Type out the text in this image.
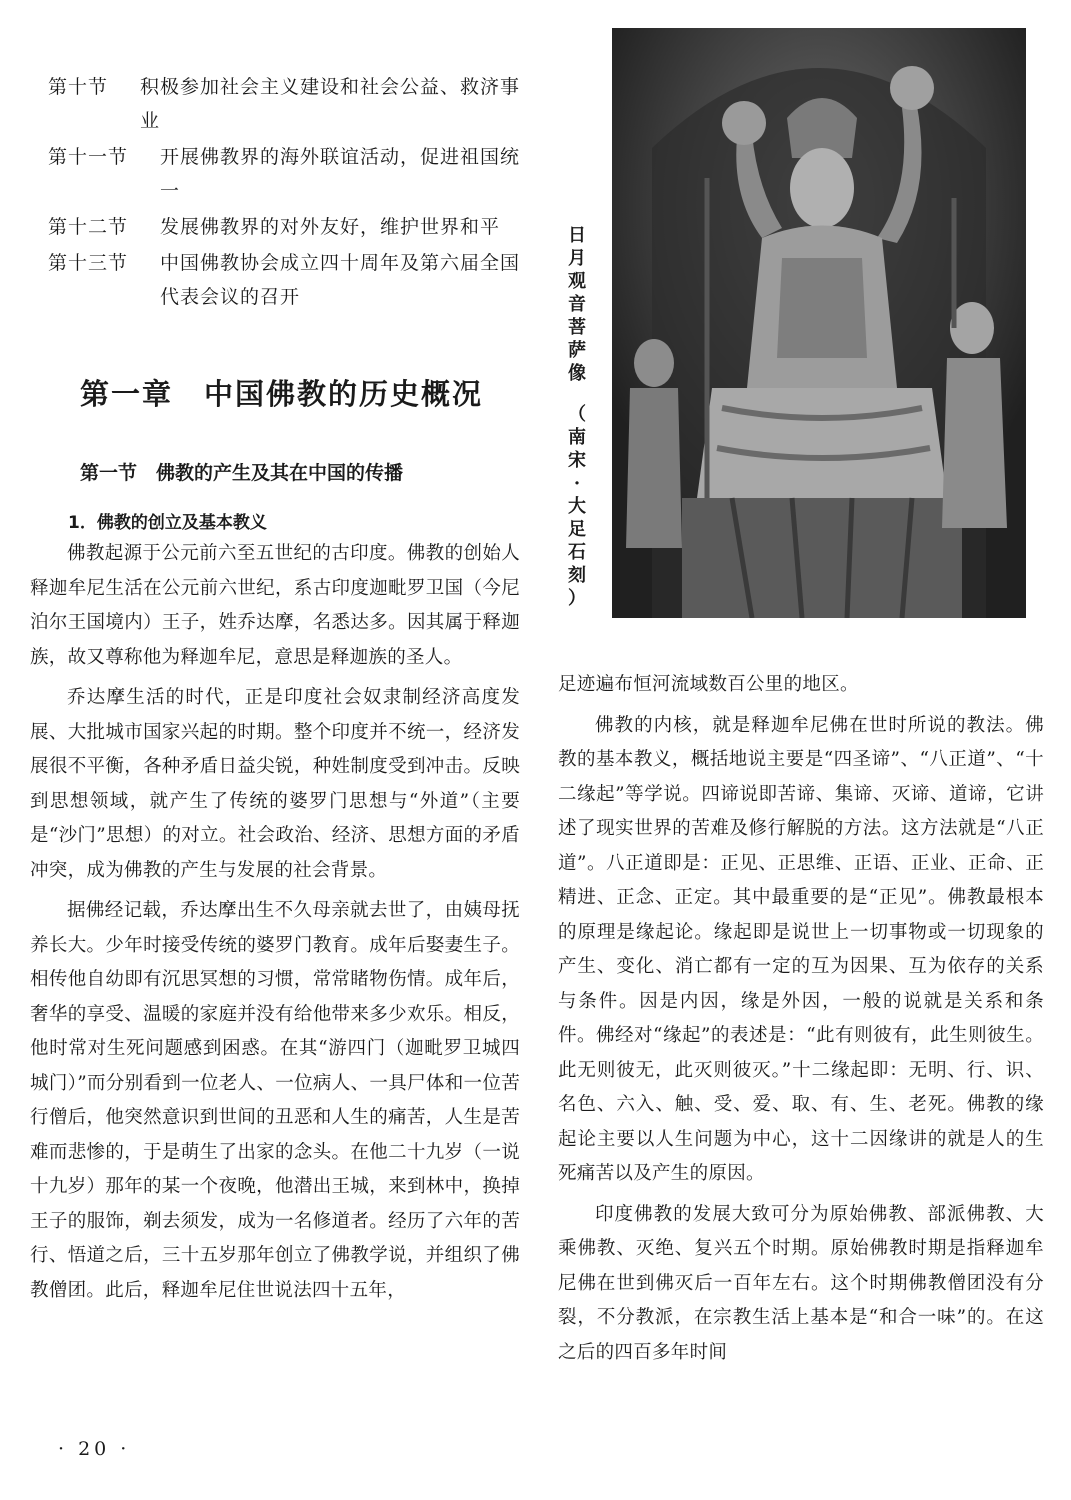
第十节	积极参加社会主义建设和社会公益、救济事业
第十一节	开展佛教界的海外联谊活动，促进祖国统一
第十二节	发展佛教界的对外友好，维护世界和平
第十三节	中国佛教协会成立四十周年及第六届全国代表会议的召开
第一章　中国佛教的历史概况
第一节　佛教的产生及其在中国的传播
1．佛教的创立及基本教义

佛教起源于公元前六至五世纪的古印度。佛教的创始人释迦牟尼生活在公元前六世纪，系古印度迦毗罗卫国（今尼泊尔王国境内）王子，姓乔达摩，名悉达多。因其属于释迦族，故又尊称他为释迦牟尼，意思是释迦族的圣人。

乔达摩生活的时代，正是印度社会奴隶制经济高度发展、大批城市国家兴起的时期。整个印度并不统一，经济发展很不平衡，各种矛盾日益尖锐，种姓制度受到冲击。反映到思想领域，就产生了传统的婆罗门思想与“外道”（主要是“沙门”思想）的对立。社会政治、经济、思想方面的矛盾冲突，成为佛教的产生与发展的社会背景。

据佛经记载，乔达摩出生不久母亲就去世了，由姨母抚养长大。少年时接受传统的婆罗门教育。成年后娶妻生子。相传他自幼即有沉思冥想的习惯，常常睹物伤情。成年后，奢华的享受、温暖的家庭并没有给他带来多少欢乐。相反，他时常对生死问题感到困惑。在其“游四门（迦毗罗卫城四城门）”而分别看到一位老人、一位病人、一具尸体和一位苦行僧后，他突然意识到世间的丑恶和人生的痛苦，人生是苦难而悲惨的，于是萌生了出家的念头。在他二十九岁（一说十九岁）那年的某一个夜晚，他潜出王城，来到林中，换掉王子的服饰，剃去须发，成为一名修道者。经历了六年的苦行、悟道之后，三十五岁那年创立了佛教学说，并组织了佛教僧团。此后，释迦牟尼住世说法四十五年，

日
月
观
音
菩
萨
像
（
南
宋
·
大
足
石
刻
）

足迹遍布恒河流域数百公里的地区。

佛教的内核，就是释迦牟尼佛在世时所说的教法。佛教的基本教义，概括地说主要是“四圣谛”、“八正道”、“十二缘起”等学说。四谛说即苦谛、集谛、灭谛、道谛，它讲述了现实世界的苦难及修行解脱的方法。这方法就是“八正道”。八正道即是：正见、正思维、正语、正业、正命、正精进、正念、正定。其中最重要的是“正见”。佛教最根本的原理是缘起论。缘起即是说世上一切事物或一切现象的产生、变化、消亡都有一定的互为因果、互为依存的关系与条件。因是内因，缘是外因，一般的说就是关系和条件。佛经对“缘起”的表述是：“此有则彼有，此生则彼生。此无则彼无，此灭则彼灭。”十二缘起即：无明、行、识、名色、六入、触、受、爱、取、有、生、老死。佛教的缘起论主要以人生问题为中心，这十二因缘讲的就是人的生死痛苦以及产生的原因。

印度佛教的发展大致可分为原始佛教、部派佛教、大乘佛教、灭绝、复兴五个时期。原始佛教时期是指释迦牟尼佛在世到佛灭后一百年左右。这个时期佛教僧团没有分裂，不分教派，在宗教生活上基本是“和合一味”的。在这之后的四百多年时间

· 20 ·
